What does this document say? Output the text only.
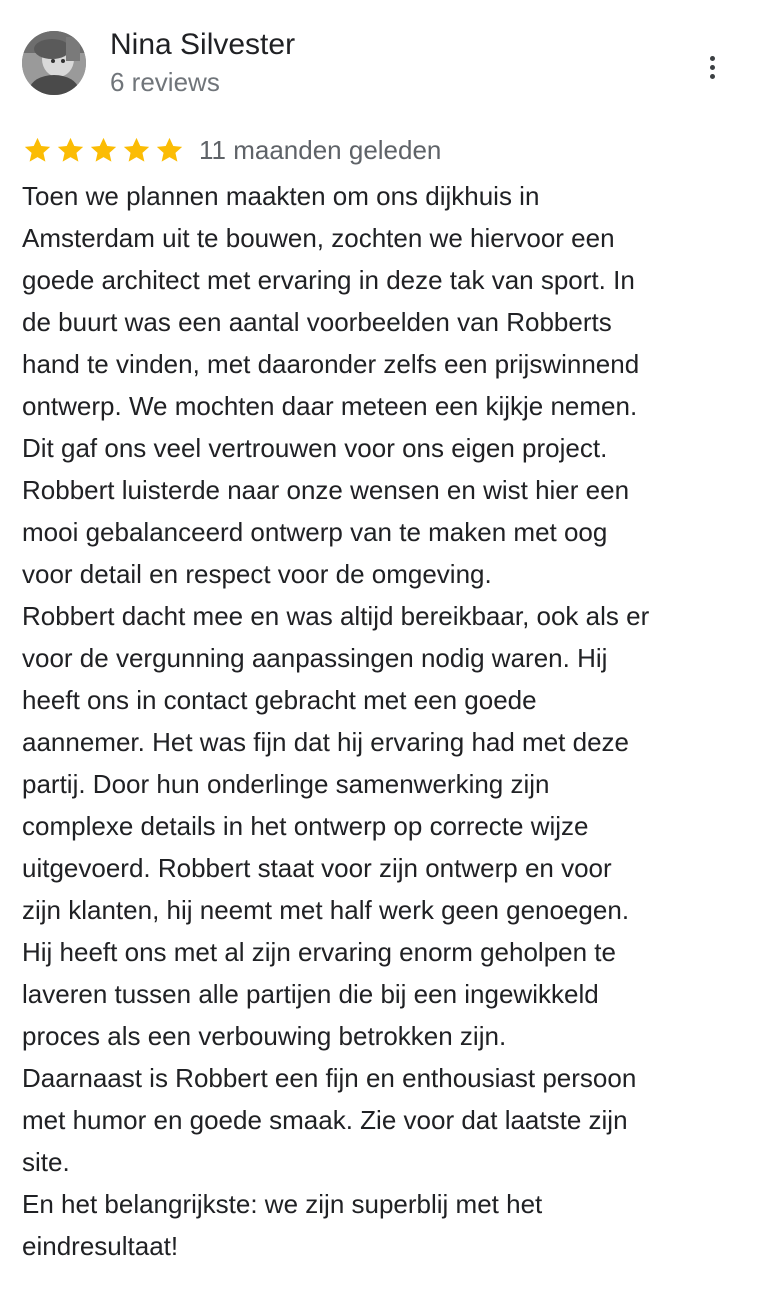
Nina Silvester
6 reviews
11 maanden geleden
Toen we plannen maakten om ons dijkhuis in
Amsterdam uit te bouwen, zochten we hiervoor een
goede architect met ervaring in deze tak van sport. In
de buurt was een aantal voorbeelden van Robberts
hand te vinden, met daaronder zelfs een prijswinnend
ontwerp. We mochten daar meteen een kijkje nemen.
Dit gaf ons veel vertrouwen voor ons eigen project.
Robbert luisterde naar onze wensen en wist hier een
mooi gebalanceerd ontwerp van te maken met oog
voor detail en respect voor de omgeving.
Robbert dacht mee en was altijd bereikbaar, ook als er
voor de vergunning aanpassingen nodig waren. Hij
heeft ons in contact gebracht met een goede
aannemer. Het was fijn dat hij ervaring had met deze
partij. Door hun onderlinge samenwerking zijn
complexe details in het ontwerp op correcte wijze
uitgevoerd. Robbert staat voor zijn ontwerp en voor
zijn klanten, hij neemt met half werk geen genoegen.
Hij heeft ons met al zijn ervaring enorm geholpen te
laveren tussen alle partijen die bij een ingewikkeld
proces als een verbouwing betrokken zijn.
Daarnaast is Robbert een fijn en enthousiast persoon
met humor en goede smaak. Zie voor dat laatste zijn
site.
En het belangrijkste: we zijn superblij met het
eindresultaat!
